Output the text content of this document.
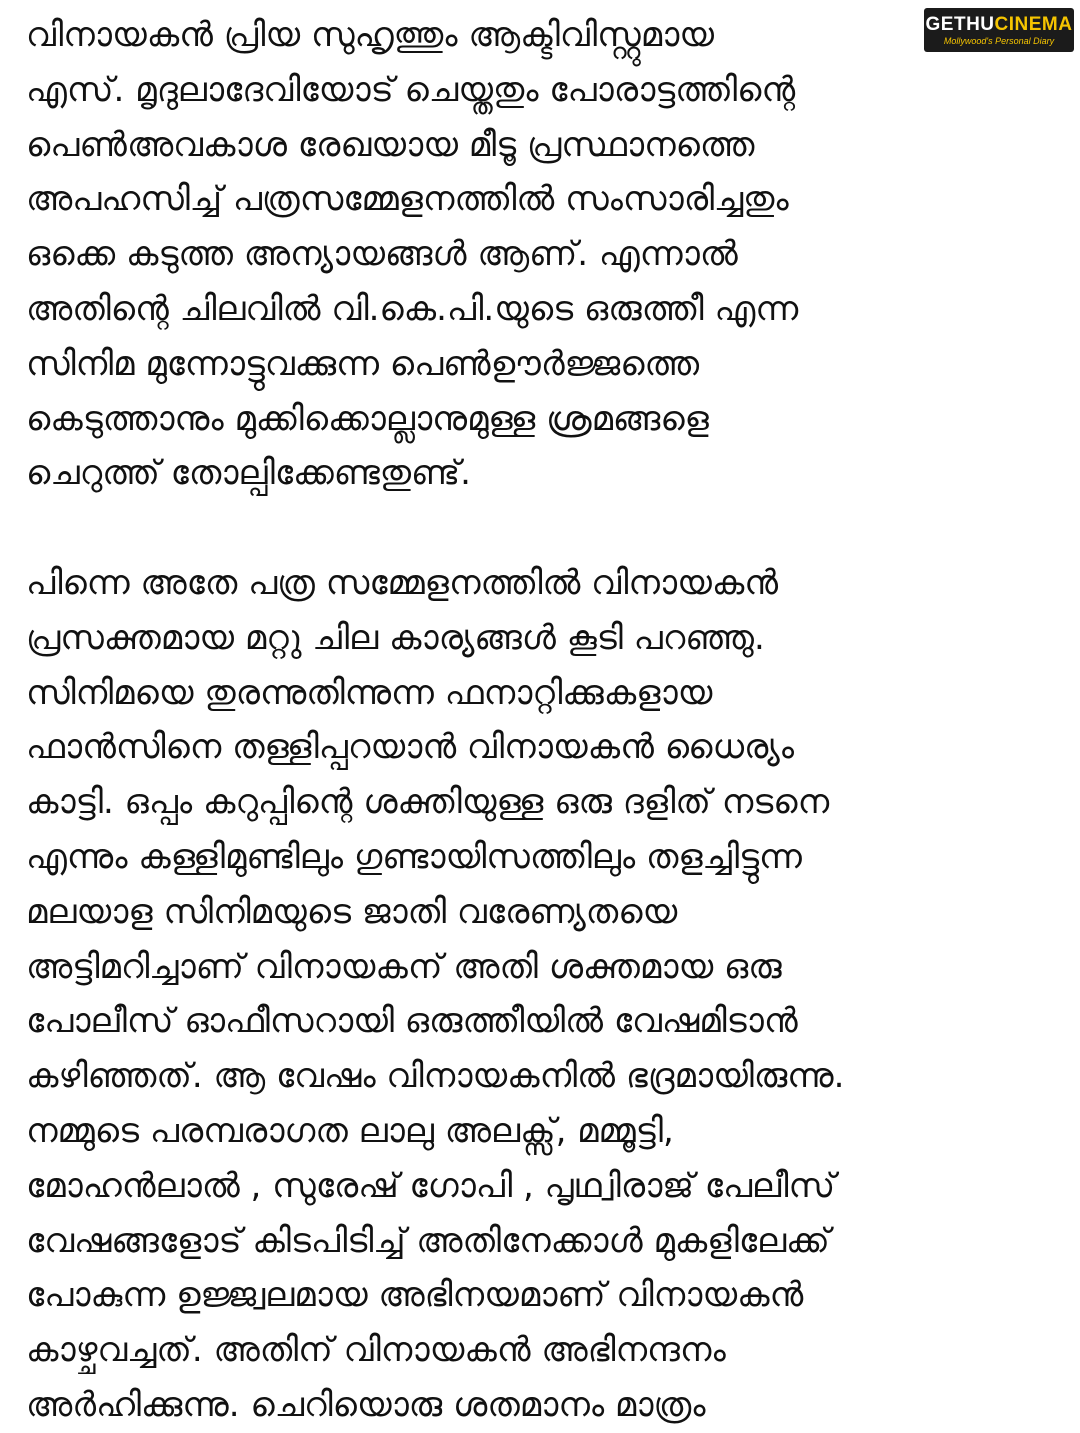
വിനായകൻ പ്രിയ സുഹൃത്തും ആക്ടിവിസ്റ്റുമായ
എസ്. മൃദുലാദേവിയോട് ചെയ്തതും പോരാട്ടത്തിന്റെ
പെൺഅവകാശ രേഖയായ മീടൂ പ്രസ്ഥാനത്തെ
അപഹസിച്ച് പത്രസമ്മേളനത്തിൽ സംസാരിച്ചതും
ഒക്കെ കടുത്ത അന്യായങ്ങൾ ആണ്. എന്നാൽ
അതിന്റെ ചിലവിൽ വി.കെ.പി.യുടെ ഒരുത്തീ എന്ന
സിനിമ മുന്നോട്ടുവക്കുന്ന പെൺഊർജ്ജത്തെ
കെടുത്താനും മുക്കിക്കൊല്ലാനുമുള്ള ശ്രമങ്ങളെ
ചെറുത്ത് തോല്പിക്കേണ്ടതുണ്ട്.
പിന്നെ അതേ പത്ര സമ്മേളനത്തിൽ വിനായകൻ
പ്രസക്തമായ മറ്റു ചില കാര്യങ്ങൾ കൂടി പറഞ്ഞു.
സിനിമയെ തുരന്നുതിന്നുന്ന ഫനാറ്റിക്കുകളായ
ഫാൻസിനെ തള്ളിപ്പറയാൻ വിനായകൻ ധൈര്യം
കാട്ടി. ഒപ്പം കറുപ്പിന്റെ ശക്തിയുള്ള ഒരു ദളിത് നടനെ
എന്നും കള്ളിമുണ്ടിലും ഗുണ്ടായിസത്തിലും തളച്ചിട്ടുന്ന
മലയാള സിനിമയുടെ ജാതി വരേണ്യതയെ
അട്ടിമറിച്ചാണ് വിനായകന് അതി ശക്തമായ ഒരു
പോലീസ് ഓഫീസറായി ഒരുത്തീയിൽ വേഷമിടാൻ
കഴിഞ്ഞത്. ആ വേഷം വിനായകനിൽ ഭദ്രമായിരുന്നു.
നമ്മുടെ പരമ്പരാഗത ലാലു അലക്സ്, മമ്മൂട്ടി,
മോഹൻലാൽ , സുരേഷ് ഗോപി , പൃഥ്വിരാജ് പേലീസ്
വേഷങ്ങളോട് കിടപിടിച്ച് അതിനേക്കാൾ മുകളിലേക്ക്
പോകുന്ന ഉജ്ജ്വലമായ അഭിനയമാണ് വിനായകൻ
കാഴ്ചവച്ചത്. അതിന് വിനായകൻ അഭിനന്ദനം
അർഹിക്കുന്നു. ചെറിയൊരു ശതമാനം മാത്രം
GETHUCINEMA
Mollywood's Personal Diary
